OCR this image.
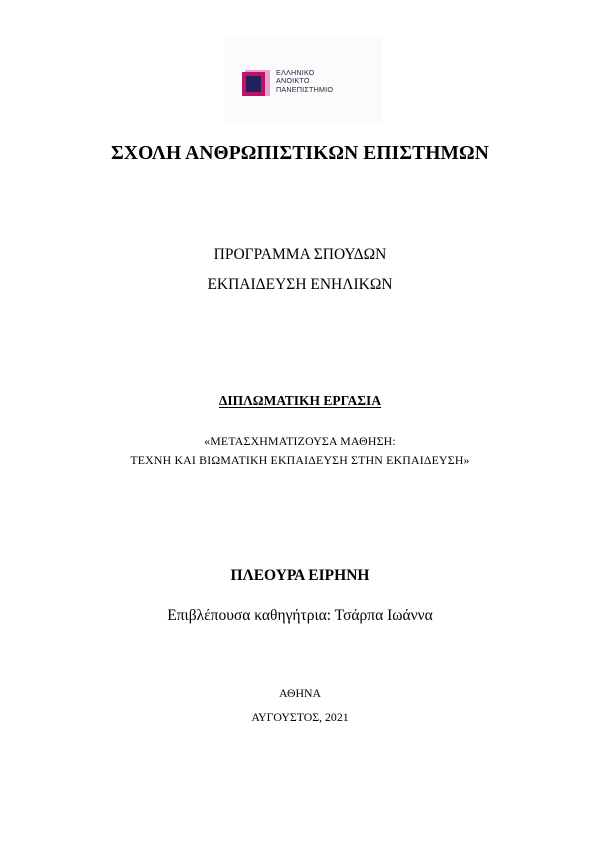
ΕΛΛΗΝΙΚΟ
ΑΝΟΙΚΤΟ
ΠΑΝΕΠΙΣΤΗΜΙΟ
ΣΧΟΛΗ ΑΝΘΡΩΠΙΣΤΙΚΩΝ ΕΠΙΣΤΗΜΩΝ
ΠΡΟΓΡΑΜΜΑ ΣΠΟΥΔΩΝ
ΕΚΠΑΙΔΕΥΣΗ ΕΝΗΛΙΚΩΝ
ΔΙΠΛΩΜΑΤΙΚΗ ΕΡΓΑΣΙΑ
«ΜΕΤΑΣΧΗΜΑΤΙΖΟΥΣΑ ΜΑΘΗΣΗ:
ΤΕΧΝΗ ΚΑΙ ΒΙΩΜΑΤΙΚΗ ΕΚΠΑΙΔΕΥΣΗ ΣΤΗΝ ΕΚΠΑΙΔΕΥΣΗ»
ΠΛΕΟΥΡΑ ΕΙΡΗΝΗ
Επιβλέπουσα καθηγήτρια: Τσάρπα Ιωάννα
ΑΘΗΝΑ
ΑΥΓΟΥΣΤΟΣ, 2021
